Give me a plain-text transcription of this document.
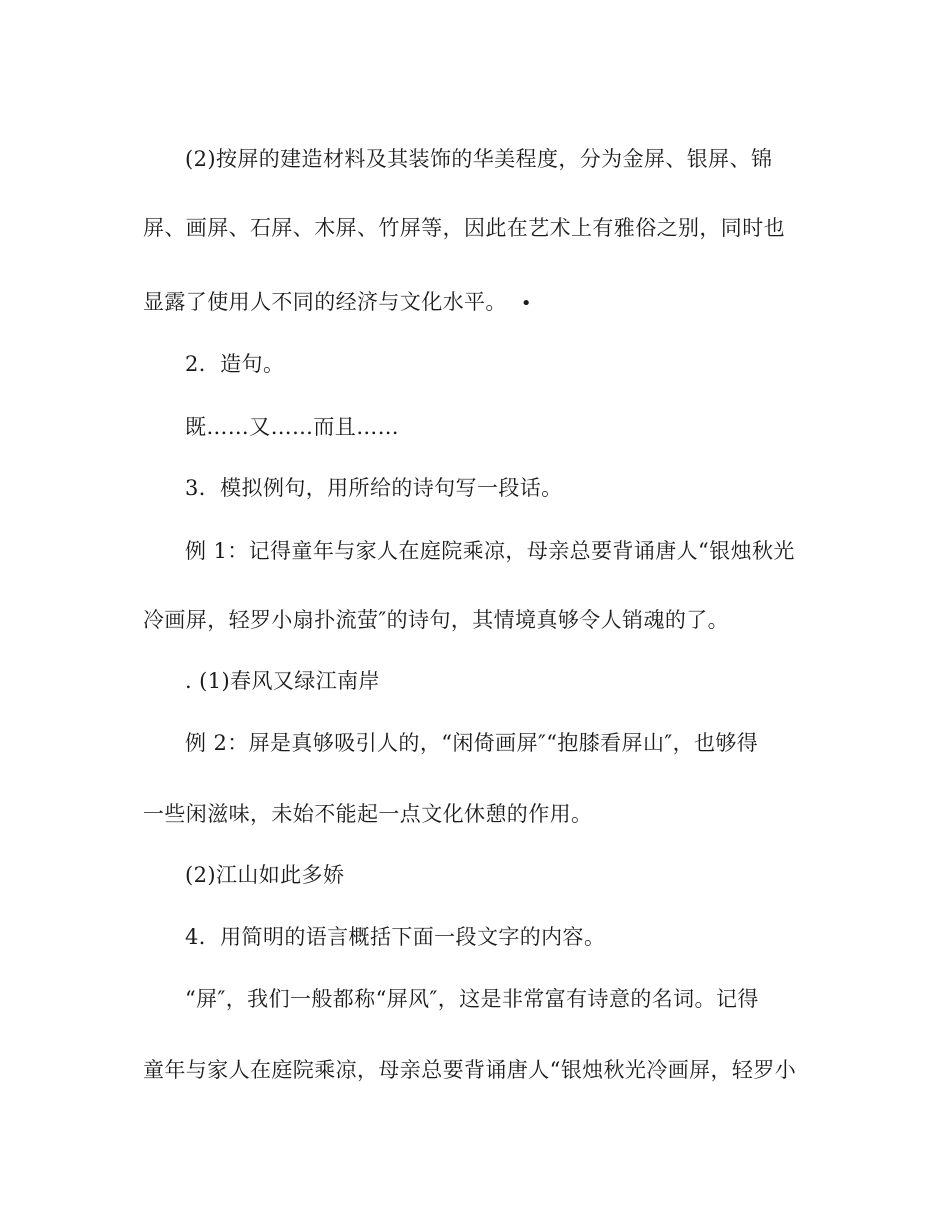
(2)按屏的建造材料及其装饰的华美程度，分为金屏、银屏、锦
屏、画屏、石屏、木屏、竹屏等，因此在艺术上有雅俗之别，同时也
显露了使用人不同的经济与文化水平。 •
2．造句。
既……又……而且……
3．模拟例句，用所给的诗句写一段话。
例 1：记得童年与家人在庭院乘凉，母亲总要背诵唐人“银烛秋光
冷画屏，轻罗小扇扑流萤″的诗句，其情境真够令人销魂的了。
. (1)春风又绿江南岸
例 2：屏是真够吸引人的，“闲倚画屏″“抱膝看屏山″，也够得
一些闲滋味，未始不能起一点文化休憩的作用。
(2)江山如此多娇
4．用简明的语言概括下面一段文字的内容。
“屏″，我们一般都称“屏风″，这是非常富有诗意的名词。记得
童年与家人在庭院乘凉，母亲总要背诵唐人“银烛秋光冷画屏，轻罗小
